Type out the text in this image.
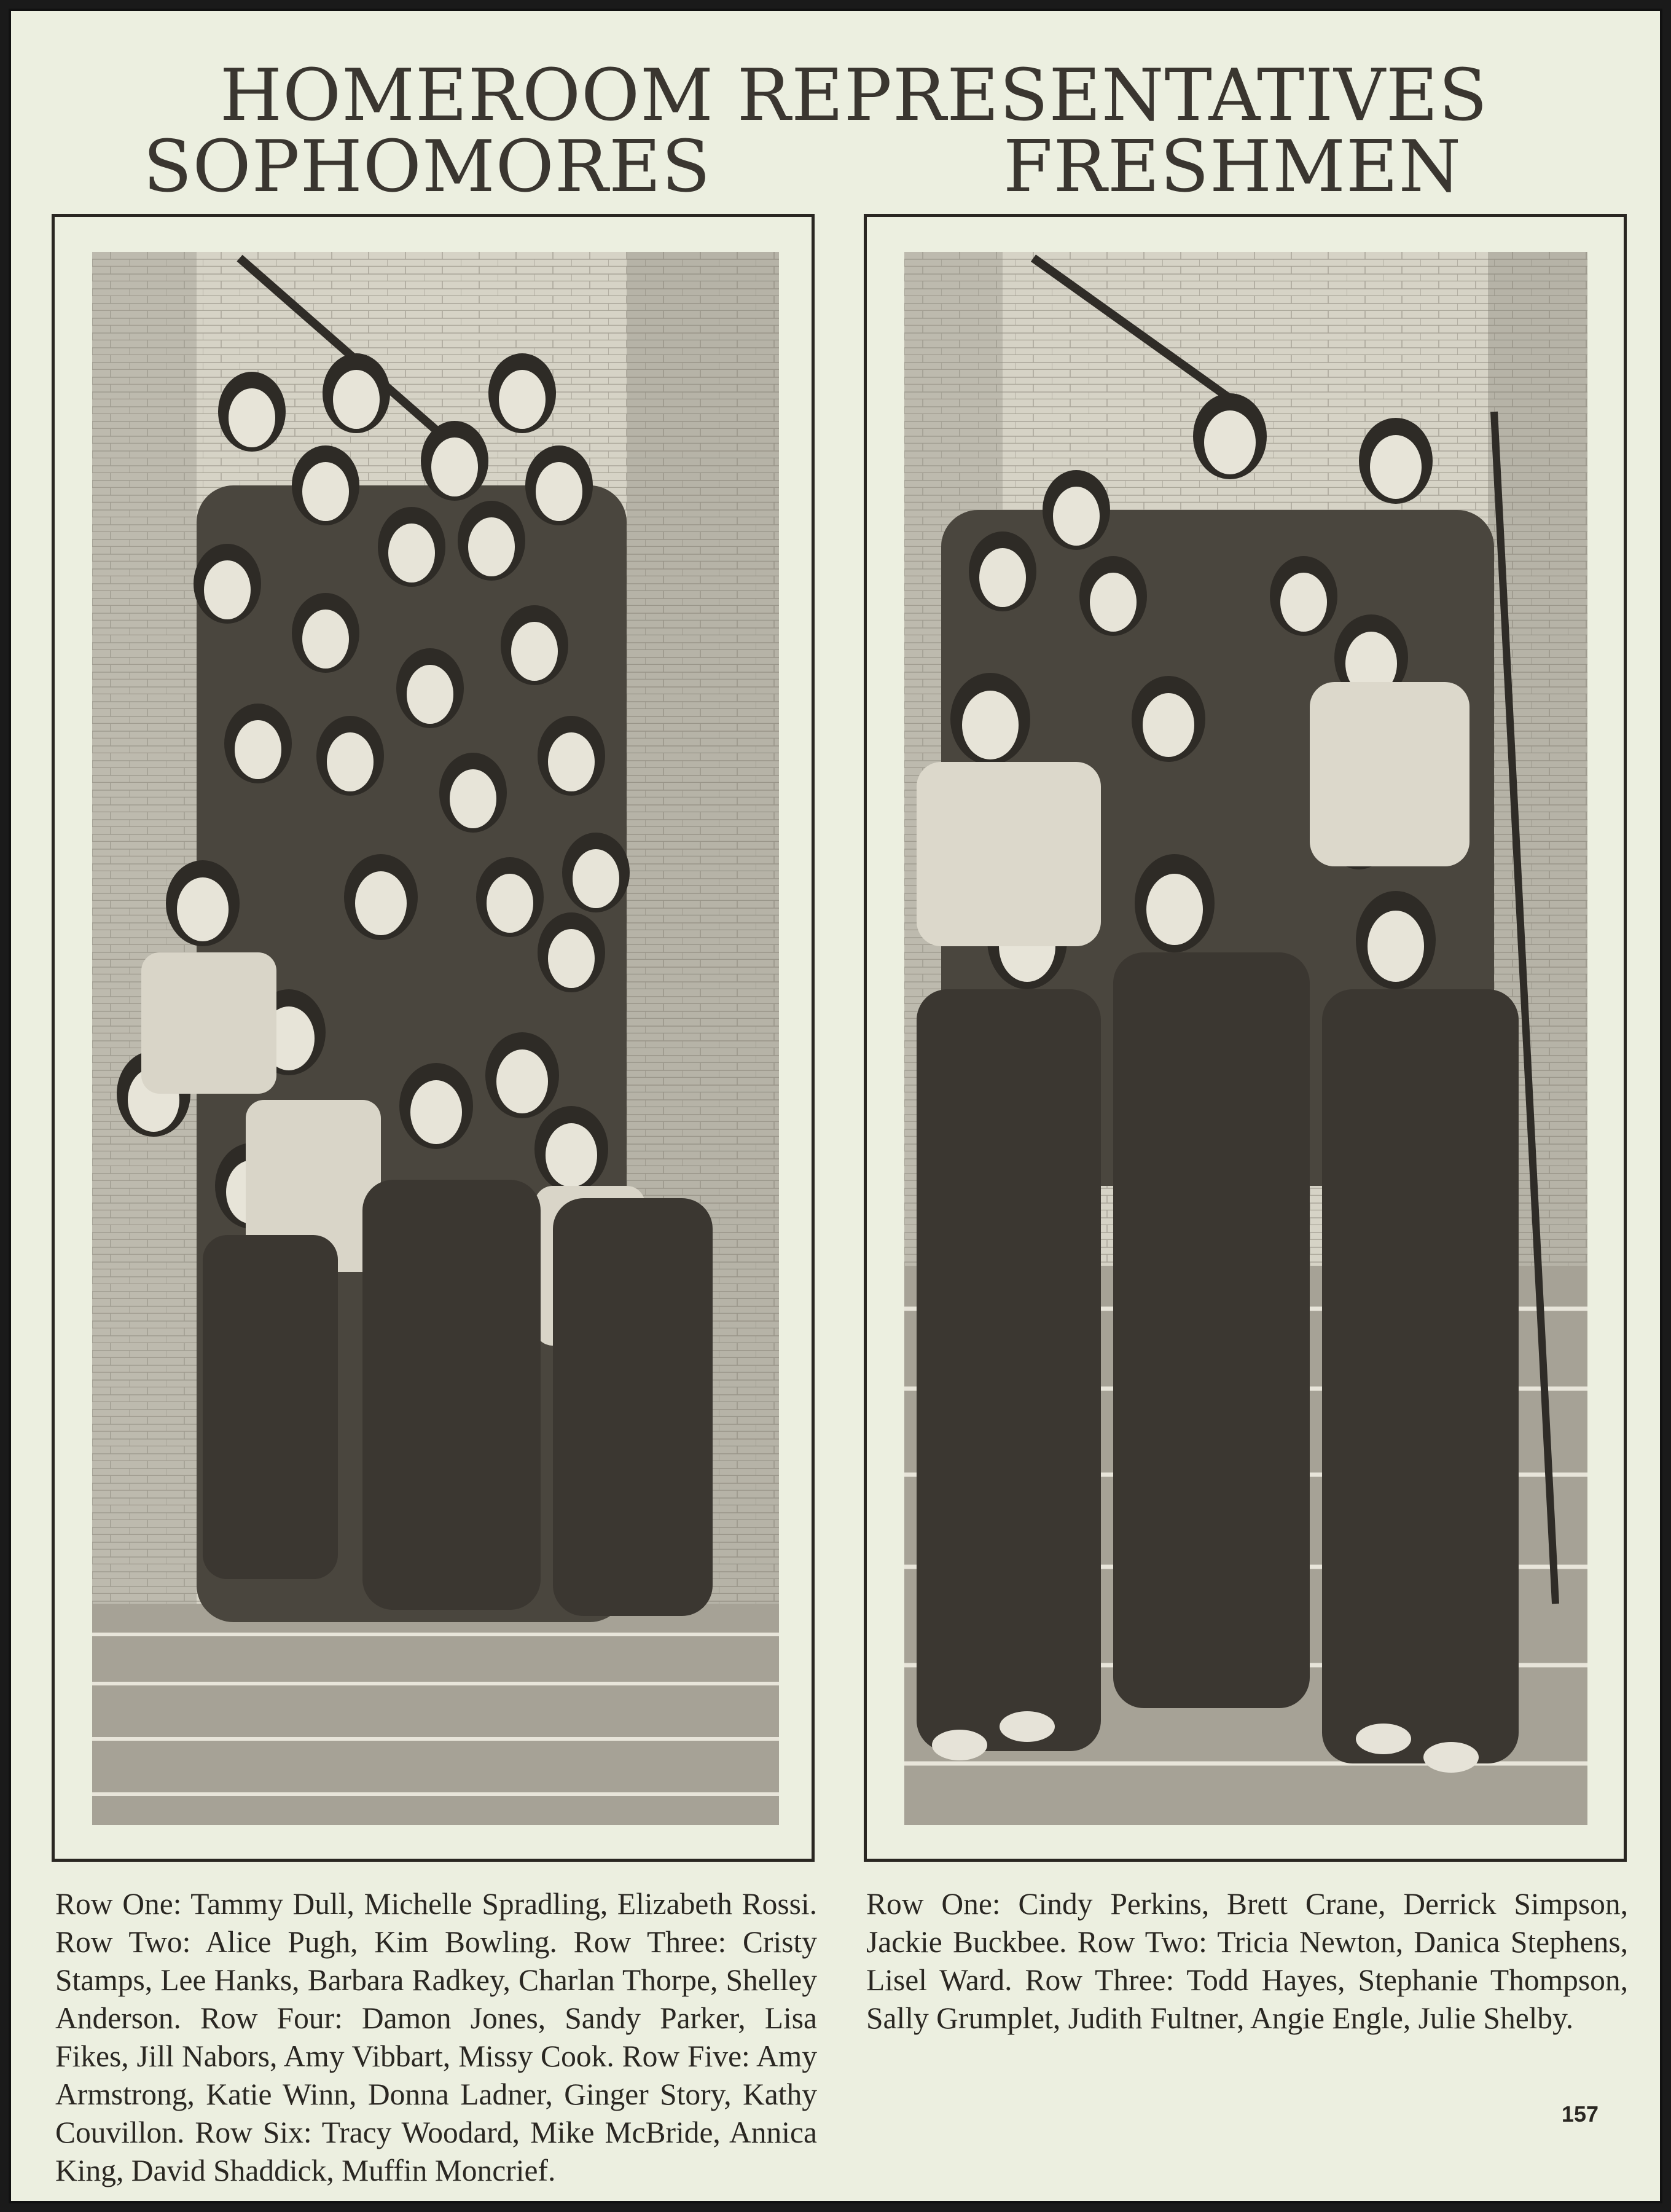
HOMEROOM REPRESENTATIVES
SOPHOMORES	FRESHMEN

Row One: Tammy Dull, Michelle Spradling, Elizabeth Rossi. Row Two: Alice Pugh, Kim Bowling. Row Three: Cristy Stamps, Lee Hanks, Barbara Radkey, Charlan Thorpe, Shelley Anderson. Row Four: Damon Jones, Sandy Parker, Lisa Fikes, Jill Nabors, Amy Vibbart, Missy Cook. Row Five: Amy Armstrong, Katie Winn, Donna Ladner, Ginger Story, Kathy Couvillon. Row Six: Tracy Woodard, Mike McBride, Annica King, David Shaddick, Muffin Moncrief.

Row One: Cindy Perkins, Brett Crane, Derrick Simpson, Jackie Buckbee. Row Two: Tricia Newton, Danica Stephens, Lisel Ward. Row Three: Todd Hayes, Stephanie Thompson, Sally Grumplet, Judith Fultner, Angie Engle, Julie Shelby.

157
